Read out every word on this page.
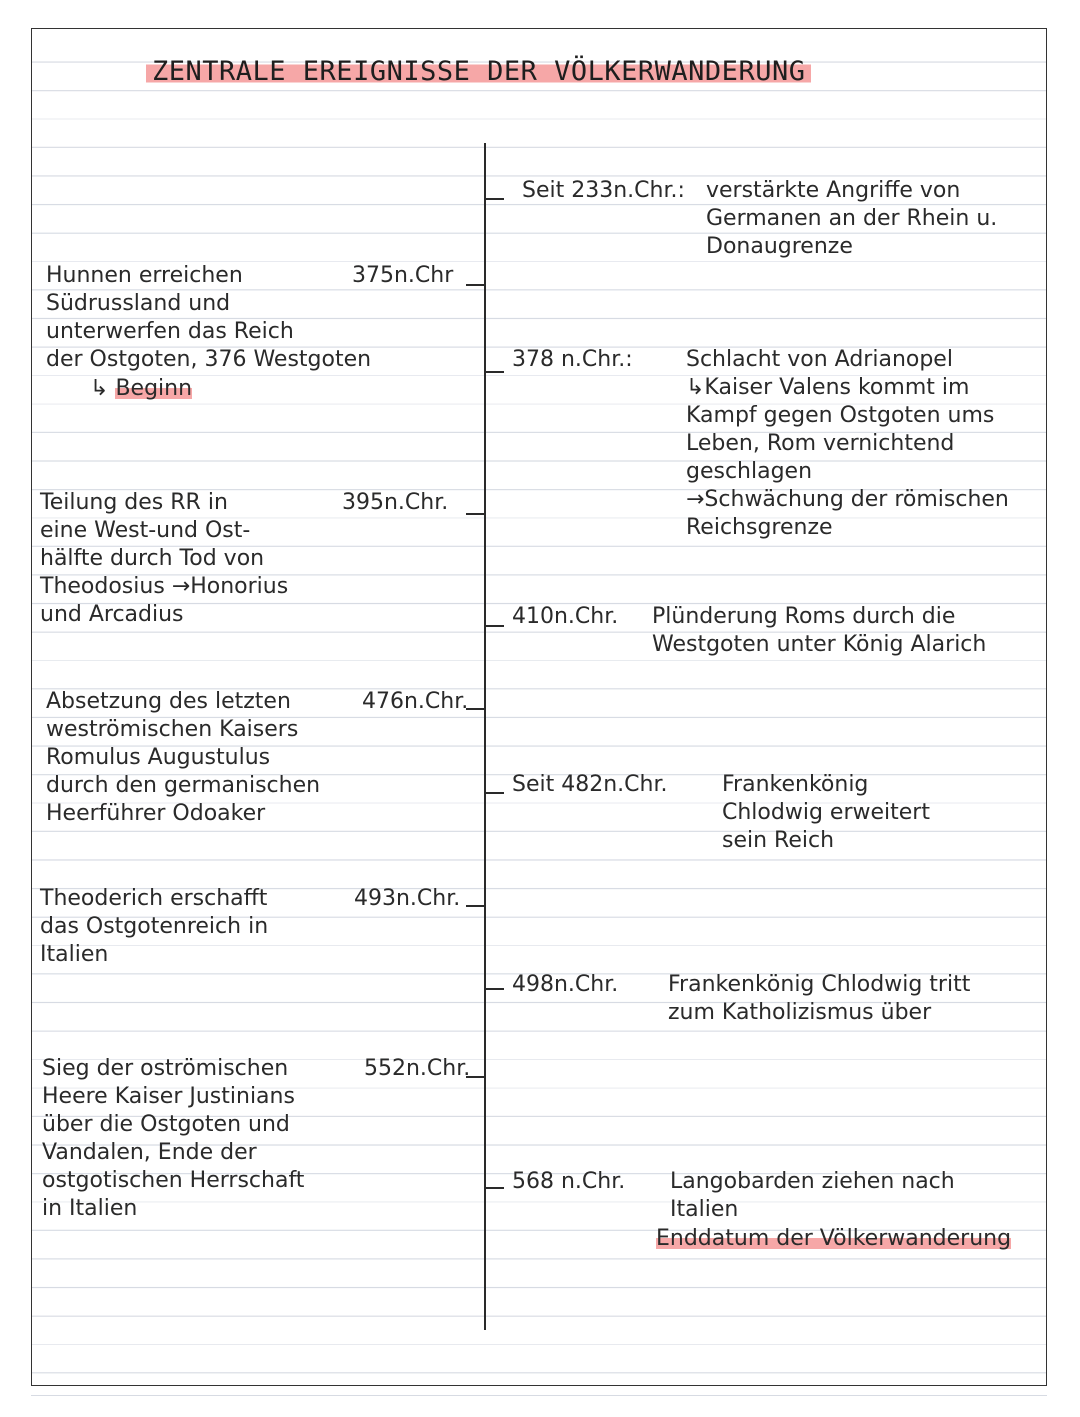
ZENTRALE EREIGNISSE DER VÖLKERWANDERUNG
375n.Chr
Hunnen erreichen
Südrussland und
unterwerfen das Reich
der Ostgoten, 376 Westgoten
↳ Beginn
395n.Chr.
Teilung des RR in
eine West-und Ost-
hälfte durch Tod von
Theodosius →Honorius
und Arcadius
476n.Chr.
Absetzung des letzten
weströmischen Kaisers
Romulus Augustulus
durch den germanischen
Heerführer Odoaker
493n.Chr.
Theoderich erschafft
das Ostgotenreich in
Italien
552n.Chr.
Sieg der oströmischen
Heere Kaiser Justinians
über die Ostgoten und
Vandalen, Ende der
ostgotischen Herrschaft
in Italien
Seit 233n.Chr.: verstärkte Angriffe von
Germanen an der Rhein u.
Donaugrenze
378 n.Chr.: Schlacht von Adrianopel
↳Kaiser Valens kommt im
Kampf gegen Ostgoten ums
Leben, Rom vernichtend
geschlagen
→Schwächung der römischen
Reichsgrenze
410n.Chr. Plünderung Roms durch die
Westgoten unter König Alarich
Seit 482n.Chr. Frankenkönig
Chlodwig erweitert
sein Reich
498n.Chr. Frankenkönig Chlodwig tritt
zum Katholizismus über
568 n.Chr. Langobarden ziehen nach
Italien
Enddatum der Völkerwanderung
